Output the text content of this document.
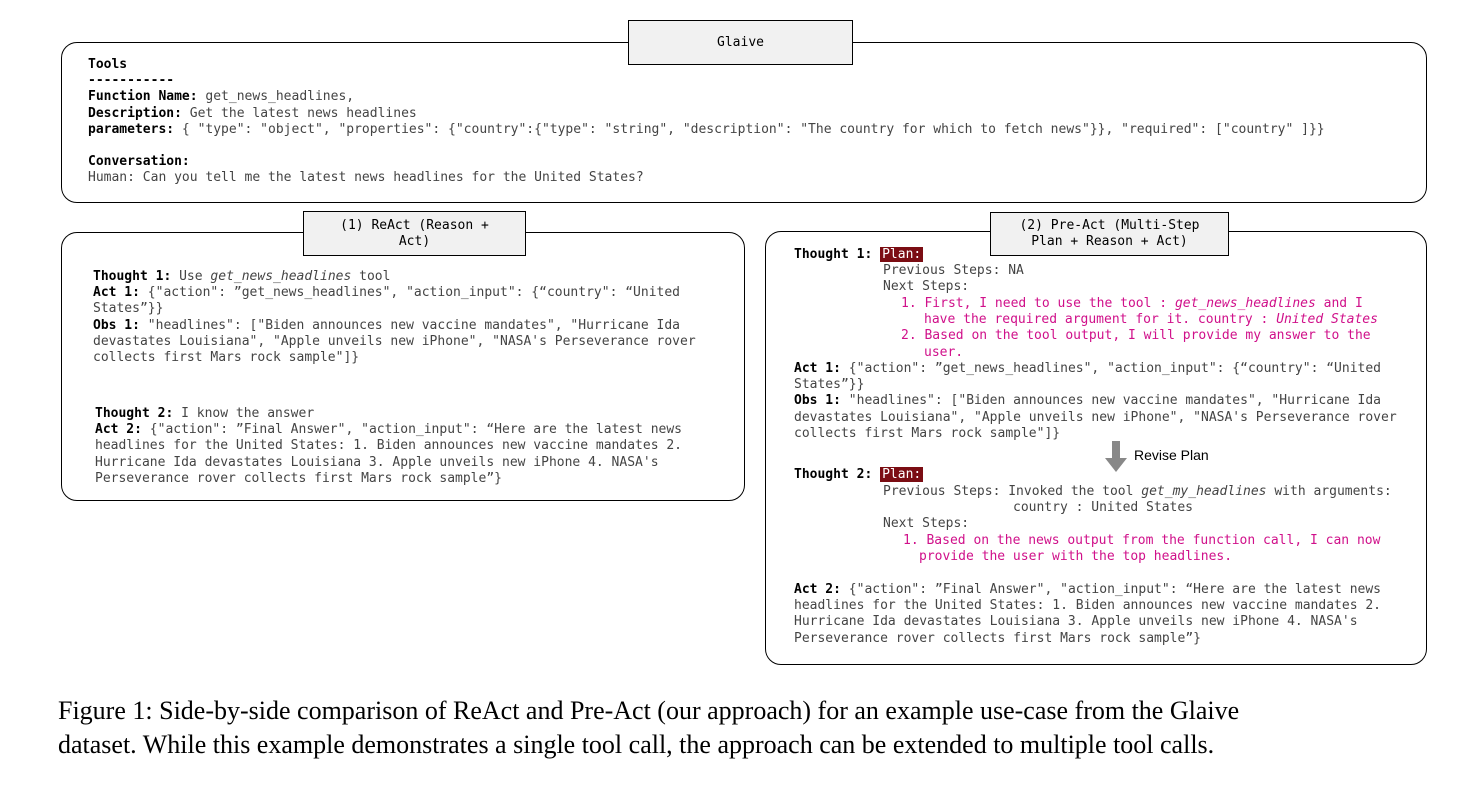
Glaive
Tools
-----------
Function Name: get_news_headlines,
Description: Get the latest news headlines
parameters: { "type": "object", "properties": {"country":{"type": "string", "description": "The country for which to fetch news"}}, "required": ["country" ]}}
Conversation:
Human: Can you tell me the latest news headlines for the United States?
(1) ReAct (Reason +
Act)
Thought 1: Use get_news_headlines tool
Act 1: {"action": ”get_news_headlines", "action_input": {“country": “United
States”}}
Obs 1: "headlines": ["Biden announces new vaccine mandates", "Hurricane Ida
devastates Louisiana", "Apple unveils new iPhone", "NASA's Perseverance rover
collects first Mars rock sample"]}
Thought 2: I know the answer
Act 2: {"action": ”Final Answer", "action_input": “Here are the latest news
headlines for the United States: 1. Biden announces new vaccine mandates 2.
Hurricane Ida devastates Louisiana 3. Apple unveils new iPhone 4. NASA's
Perseverance rover collects first Mars rock sample”}
(2) Pre-Act (Multi-Step
Plan + Reason + Act)
Thought 1: Plan:
Previous Steps: NA
Next Steps:
1. First, I need to use the tool : get_news_headlines and I
have the required argument for it. country : United States
2. Based on the tool output, I will provide my answer to the
user.
Act 1: {"action": ”get_news_headlines", "action_input": {“country": “United
States”}}
Obs 1: "headlines": ["Biden announces new vaccine mandates", "Hurricane Ida
devastates Louisiana", "Apple unveils new iPhone", "NASA's Perseverance rover
collects first Mars rock sample"]}
Revise Plan
Thought 2: Plan:
Previous Steps: Invoked the tool get_my_headlines with arguments:
country : United States
Next Steps:
1. Based on the news output from the function call, I can now
provide the user with the top headlines.
Act 2: {"action": ”Final Answer", "action_input": “Here are the latest news
headlines for the United States: 1. Biden announces new vaccine mandates 2.
Hurricane Ida devastates Louisiana 3. Apple unveils new iPhone 4. NASA's
Perseverance rover collects first Mars rock sample”}
Figure 1: Side-by-side comparison of ReAct and Pre-Act (our approach) for an example use-case from the Glaive
dataset. While this example demonstrates a single tool call, the approach can be extended to multiple tool calls.
